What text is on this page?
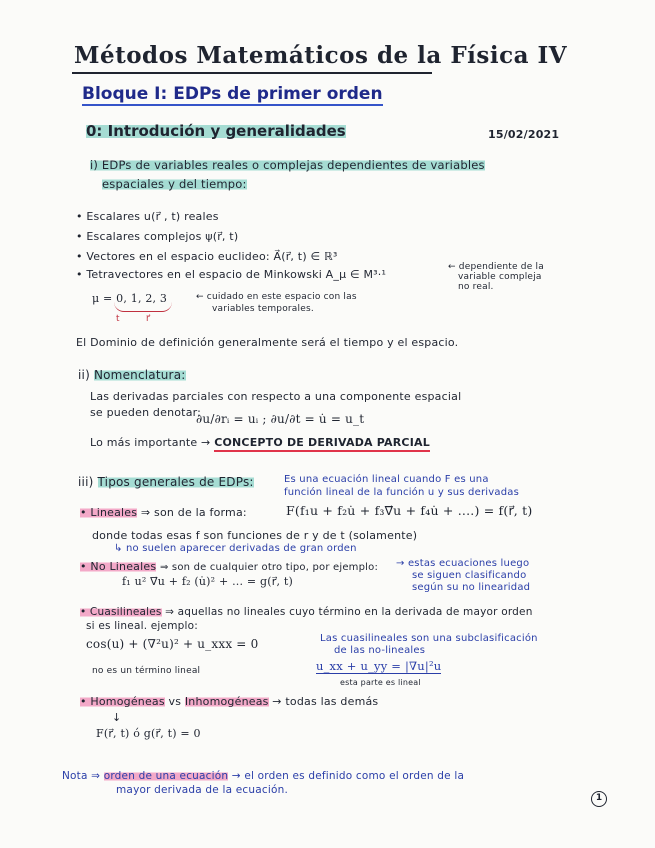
Métodos Matemáticos de la Física IV
Bloque I: EDPs de primer orden
0: Introdución y generalidades	15/02/2021
i) EDPs de variables reales o complejas dependientes de variables
espaciales y del tiempo:
• Escalares u(r⃗ , t) reales
• Escalares complejos ψ(r⃗, t)
• Vectores en el espacio euclideo: A⃗(r⃗, t) ∈ ℝ³
• Tetravectores en el espacio de Minkowski A_μ ∈ M³·¹
← dependiente de la
variable compleja
no real.
μ = 0, 1, 2, 3	← cuidado en este espacio con las
variables temporales.
t	r⃗
El Dominio de definición generalmente será el tiempo y el espacio.
ii) Nomenclatura:
Las derivadas parciales con respecto a una componente espacial
se pueden denotar:
∂u/∂rᵢ = uᵢ ; ∂u/∂t = u̇ = u_t
Lo más importante → CONCEPTO DE DERIVADA PARCIAL
iii) Tipos generales de EDPs:	Es una ecuación lineal cuando F es una
función lineal de la función u y sus derivadas
• Lineales ⇒ son de la forma:	F(f₁u + f₂u̇ + f₃∇⃗u + f₄u̇ + ....) = f(r⃗, t)
donde todas esas f son funciones de r y de t (solamente)
↳ no suelen aparecer derivadas de gran orden
• No Lineales ⇒ son de cualquier otro tipo, por ejemplo: → estas ecuaciones luego
se siguen clasificando
según su no linearidad
f₁ u² ∇⃗u + f₂ (u̇)² + ... = g(r⃗, t)
• Cuasilineales ⇒ aquellas no lineales cuyo término en la derivada de mayor orden
si es lineal. ejemplo:
cos(u) + (∇²u)² + u_xxx = 0	Las cuasilineales son una subclasificación
de las no-lineales
u_xx + u_yy = |∇u|²u
esta parte es lineal
no es un término lineal
• Homogéneas vs Inhomogéneas → todas las demás
↓
F(r⃗, t) ó g(r⃗, t) = 0
Nota ⇒ orden de una ecuación → el orden es definido como el orden de la
mayor derivada de la ecuación.
1
